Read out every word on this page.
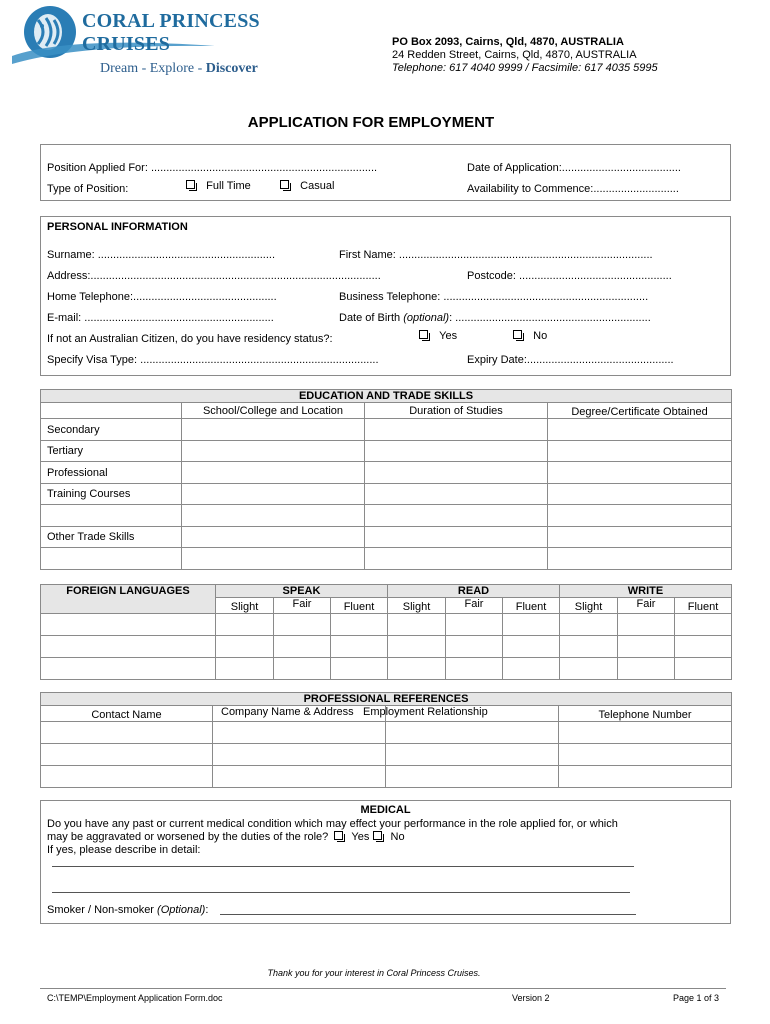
CORAL PRINCESS CRUISES
Dream - Explore - Discover
PO Box 2093, Cairns, Qld, 4870, AUSTRALIA
24 Redden Street, Cairns, Qld, 4870, AUSTRALIA
Telephone: 617 4040 9999 / Facsimile: 617 4035 5995
APPLICATION FOR EMPLOYMENT
Position Applied For: ..........................................................................	Date of Application:.......................................
Type of Position:	Full Time	Casual	Availability to Commence:............................
PERSONAL INFORMATION
Surname: ..........................................................	First Name: ...................................................................................
Address:...............................................................................................	Postcode: ..................................................
Home Telephone:...............................................	Business Telephone: ...................................................................
E-mail: ..............................................................	Date of Birth (optional): ................................................................
If not an Australian Citizen, do you have residency status?:	Yes	No
Specify Visa Type: ..............................................................................	Expiry Date:................................................
EDUCATION AND TRADE SKILLS			
	School/College and Location	Duration of Studies	Degree/Certificate Obtained
Secondary			
Tertiary			
Professional			
Training Courses			

Other Trade Skills			

FOREIGN LANGUAGES	SPEAK			READ			WRITE		
	Slight	Fair	Fluent	Slight	Fair	Fluent	Slight	Fair	Fluent

PROFESSIONAL REFERENCES			
Contact Name	Company Name & Address	Employment Relationship	Telephone Number

MEDICAL
Do you have any past or current medical condition which may effect your performance in the role applied for, or which
may be aggravated or worsened by the duties of the role? Yes No
If yes, please describe in detail:
Smoker / Non-smoker (Optional):
Thank you for your interest in Coral Princess Cruises.
C:\TEMP\Employment Application Form.doc	Version 2	Page 1 of 3
